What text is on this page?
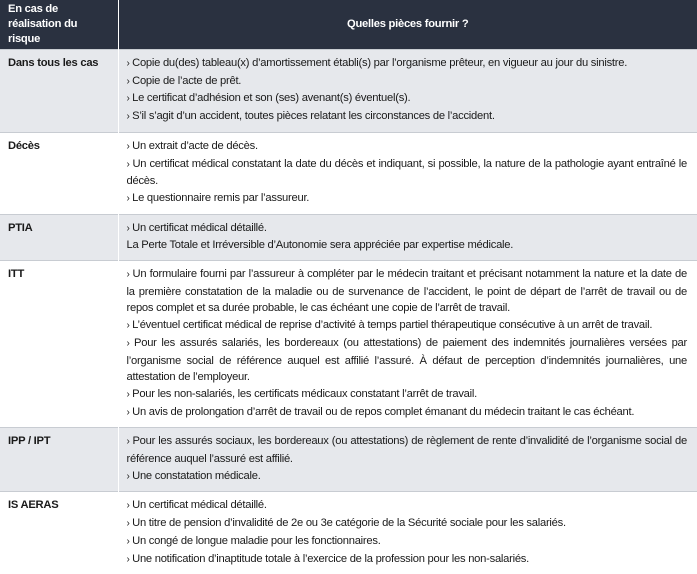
En cas de réalisation du risque	Quelles pièces fournir ?
Dans tous les cas	› Copie du(des) tableau(x) d’amortissement établi(s) par l’organisme prêteur, en vigueur au jour du sinistre.
› Copie de l’acte de prêt.
› Le certificat d’adhésion et son (ses) avenant(s) éventuel(s).
› S’il s’agit d’un accident, toutes pièces relatant les circonstances de l’accident.

Décès	› Un extrait d’acte de décès.
› Un certificat médical constatant la date du décès et indiquant, si possible, la nature de la pathologie ayant entraîné le décès.
› Le questionnaire remis par l’assureur.

PTIA	› Un certificat médical détaillé.
La Perte Totale et Irréversible d’Autonomie sera appréciée par expertise médicale.

ITT	› Un formulaire fourni par l’assureur à compléter par le médecin traitant et précisant notamment la nature et la date de la première constatation de la maladie ou de survenance de l’accident, le point de départ de l’arrêt de travail ou de repos complet et sa durée probable, le cas échéant une copie de l’arrêt de travail.
› L’éventuel certificat médical de reprise d’activité à temps partiel thérapeutique consécutive à un arrêt de travail.
› Pour les assurés salariés, les bordereaux (ou attestations) de paiement des indemnités journalières versées par l’organisme social de référence auquel est affilié l’assuré. À défaut de perception d’indemnités journalières, une attestation de l’employeur.
› Pour les non-salariés, les certificats médicaux constatant l’arrêt de travail.
› Un avis de prolongation d’arrêt de travail ou de repos complet émanant du médecin traitant le cas échéant.

IPP / IPT	› Pour les assurés sociaux, les bordereaux (ou attestations) de règlement de rente d’invalidité de l’organisme social de référence auquel l’assuré est affilié.
› Une constatation médicale.

IS AERAS	› Un certificat médical détaillé.
› Un titre de pension d’invalidité de 2e ou 3e catégorie de la Sécurité sociale pour les salariés.
› Un congé de longue maladie pour les fonctionnaires.
› Une notification d’inaptitude totale à l’exercice de la profession pour les non-salariés.
